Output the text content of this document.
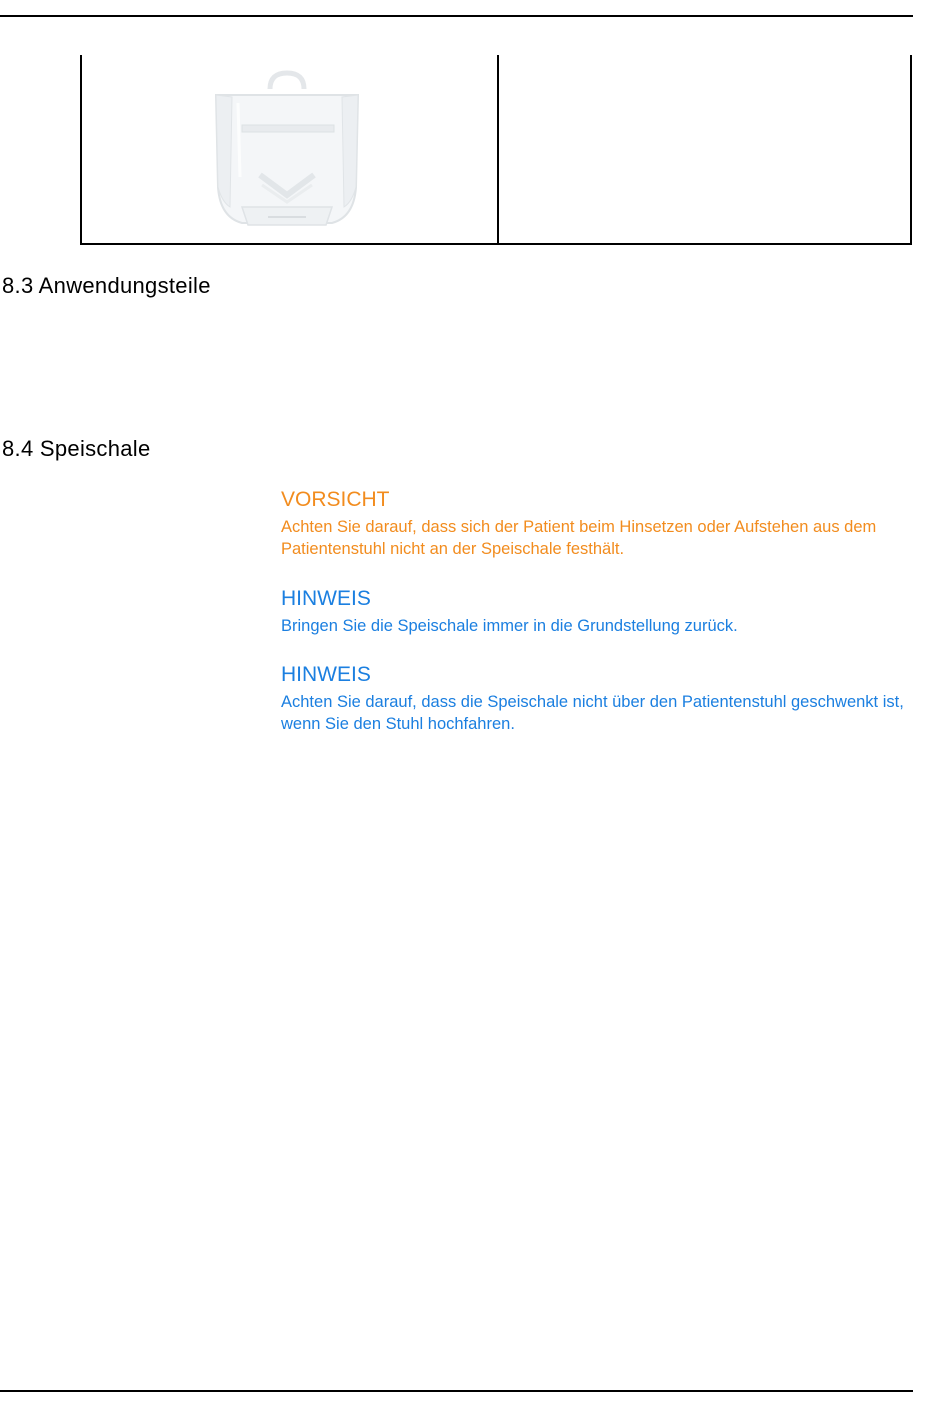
8.3 Anwendungsteile
8.4 Speischale

VORSICHT

Achten Sie darauf, dass sich der Patient beim Hinsetzen oder Aufstehen aus dem Patientenstuhl nicht an der Speischale festhält.

HINWEIS

Bringen Sie die Speischale immer in die Grundstellung zurück.

HINWEIS

Achten Sie darauf, dass die Speischale nicht über den Patientenstuhl geschwenkt ist, wenn Sie den Stuhl hochfahren.
